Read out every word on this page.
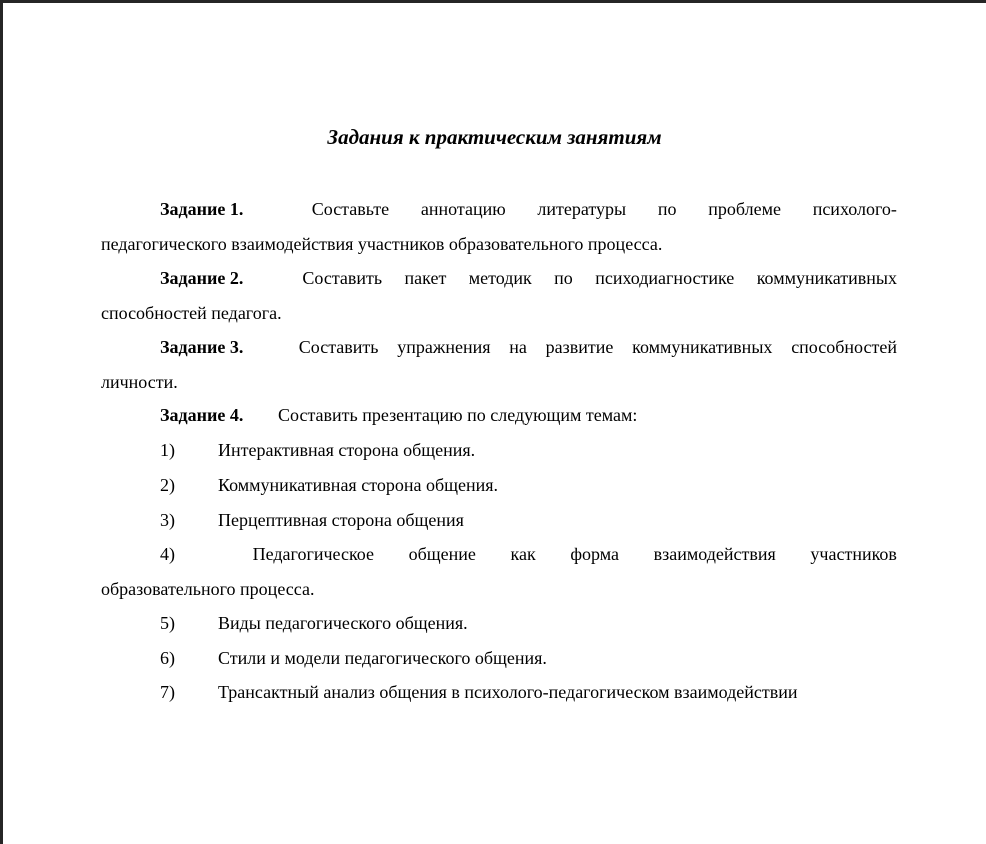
Задания к практическим занятиям
Задание 1.	Составьте аннотацию литературы по проблеме психолого-
педагогического взаимодействия участников образовательного процесса.
Задание 2.	Составить пакет методик по психодиагностике коммуникативных
способностей педагога.
Задание 3.	Составить упражнения на развитие коммуникативных способностей
личности.
Задание 4. Составить презентацию по следующим темам:
1) Интерактивная сторона общения.
2) Коммуникативная сторона общения.
3) Перцептивная сторона общения
4)	Педагогическое общение как форма взаимодействия участников
образовательного процесса.
5) Виды педагогического общения.
6) Стили и модели педагогического общения.
7) Трансактный анализ общения в психолого-педагогическом взаимодействии
